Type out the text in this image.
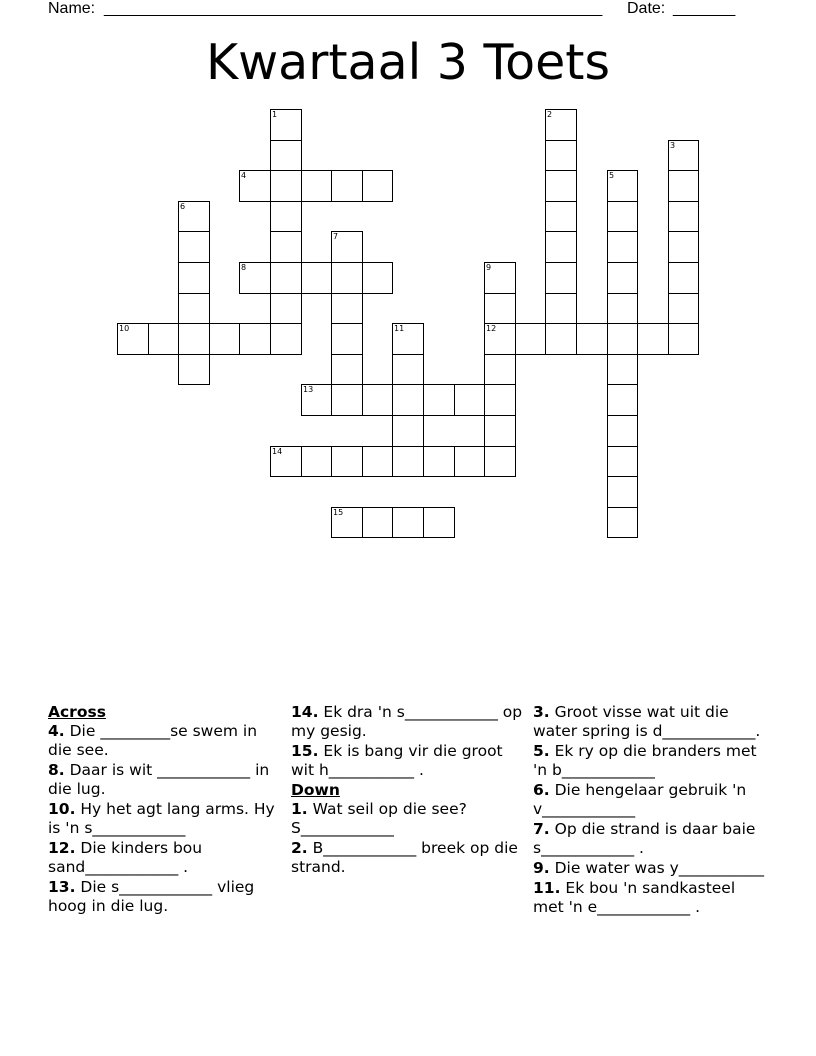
Name: ________________________________________________________ Date: _______
Kwartaal 3 Toets
1	2
3
4	5
6
7
8	9
12
10	11
13
14
15

Across

4. Die _________se swem in die see.

8. Daar is wit ____________ in die lug.

10. Hy het agt lang arms. Hy is 'n s____________

12. Die kinders bou sand____________ .

13. Die s____________ vlieg hoog in die lug.

14. Ek dra 'n s____________ op my gesig.

15. Ek is bang vir die groot wit h___________ .

Down

1. Wat seil op die see? S____________

2. B____________ breek op die strand.

3. Groot visse wat uit die water spring is d____________.

5. Ek ry op die branders met 'n b____________

6. Die hengelaar gebruik 'n v____________

7. Op die strand is daar baie s____________ .

9. Die water was y___________

11. Ek bou 'n sandkasteel met 'n e____________ .
